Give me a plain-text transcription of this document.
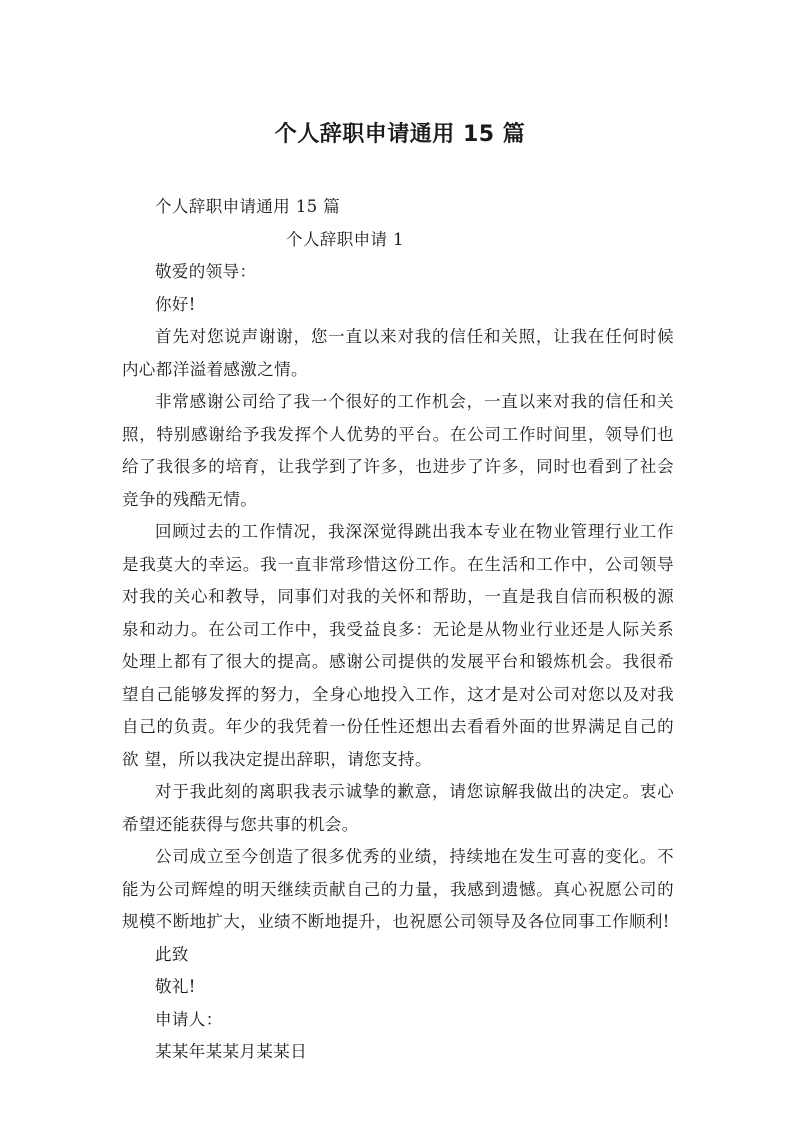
个人辞职申请通用 15 篇

个人辞职申请通用 15 篇

个人辞职申请 1

敬爱的领导：

你好!

首先对您说声谢谢，您一直以来对我的信任和关照，让我在任何时候内心都洋溢着感激之情。

非常感谢公司给了我一个很好的工作机会，一直以来对我的信任和关照，特别感谢给予我发挥个人优势的平台。在公司工作时间里，领导们也给了我很多的培育，让我学到了许多，也进步了许多，同时也看到了社会竞争的残酷无情。

回顾过去的工作情况，我深深觉得跳出我本专业在物业管理行业工作是我莫大的幸运。我一直非常珍惜这份工作。在生活和工作中，公司领导对我的关心和教导，同事们对我的关怀和帮助，一直是我自信而积极的源泉和动力。在公司工作中，我受益良多：无论是从物业行业还是人际关系处理上都有了很大的提高。感谢公司提供的发展平台和锻炼机会。我很希望自己能够发挥的努力，全身心地投入工作，这才是对公司对您以及对我自己的负责。年少的我凭着一份任性还想出去看看外面的世界满足自己的欲 望，所以我决定提出辞职，请您支持。

对于我此刻的离职我表示诚挚的歉意，请您谅解我做出的决定。衷心希望还能获得与您共事的机会。

公司成立至今创造了很多优秀的业绩，持续地在发生可喜的变化。不能为公司辉煌的明天继续贡献自己的力量，我感到遗憾。真心祝愿公司的规模不断地扩大，业绩不断地提升，也祝愿公司领导及各位同事工作顺利!

此致

敬礼!

申请人：

某某年某某月某某日
